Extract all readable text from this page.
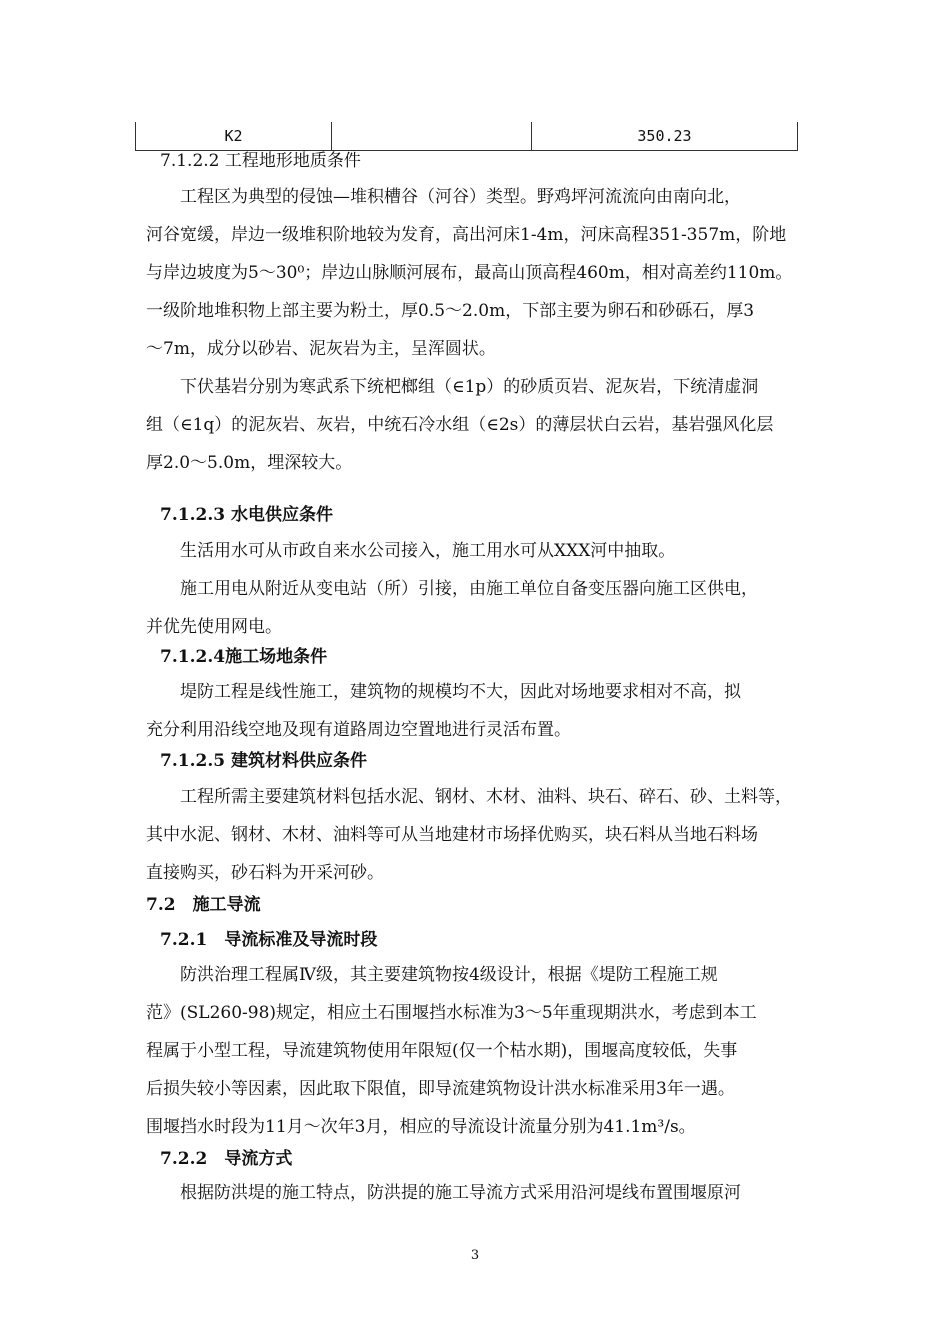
K2	350.23
7.1.2.2 工程地形地质条件
工程区为典型的侵蚀—堆积槽谷（河谷）类型。野鸡坪河流流向由南向北，
河谷宽缓，岸边一级堆积阶地较为发育，高出河床1-4m，河床高程351-357m，阶地
与岸边坡度为5～30⁰；岸边山脉顺河展布，最高山顶高程460m，相对高差约110m。
一级阶地堆积物上部主要为粉土，厚0.5～2.0m，下部主要为卵石和砂砾石，厚3
～7m，成分以砂岩、泥灰岩为主，呈浑圆状。
下伏基岩分别为寒武系下统杷榔组（∈1p）的砂质页岩、泥灰岩，下统清虚洞
组（∈1q）的泥灰岩、灰岩，中统石冷水组（∈2s）的薄层状白云岩，基岩强风化层
厚2.0～5.0m，埋深较大。
7.1.2.3 水电供应条件
生活用水可从市政自来水公司接入，施工用水可从XXX河中抽取。
施工用电从附近从变电站（所）引接，由施工单位自备变压器向施工区供电，
并优先使用网电。
7.1.2.4施工场地条件
堤防工程是线性施工，建筑物的规模均不大，因此对场地要求相对不高，拟
充分利用沿线空地及现有道路周边空置地进行灵活布置。
7.1.2.5 建筑材料供应条件
工程所需主要建筑材料包括水泥、钢材、木材、油料、块石、碎石、砂、土料等，
其中水泥、钢材、木材、油料等可从当地建材市场择优购买，块石料从当地石料场
直接购买，砂石料为开采河砂。
7.2　施工导流
7.2.1　导流标准及导流时段
防洪治理工程属Ⅳ级，其主要建筑物按4级设计，根据《堤防工程施工规
范》(SL260-98)规定，相应土石围堰挡水标准为3～5年重现期洪水，考虑到本工
程属于小型工程，导流建筑物使用年限短(仅一个枯水期)，围堰高度较低，失事
后损失较小等因素，因此取下限值，即导流建筑物设计洪水标准采用3年一遇。
围堰挡水时段为11月～次年3月，相应的导流设计流量分别为41.1m³/s。
7.2.2　导流方式
根据防洪堤的施工特点，防洪提的施工导流方式采用沿河堤线布置围堰原河
3
